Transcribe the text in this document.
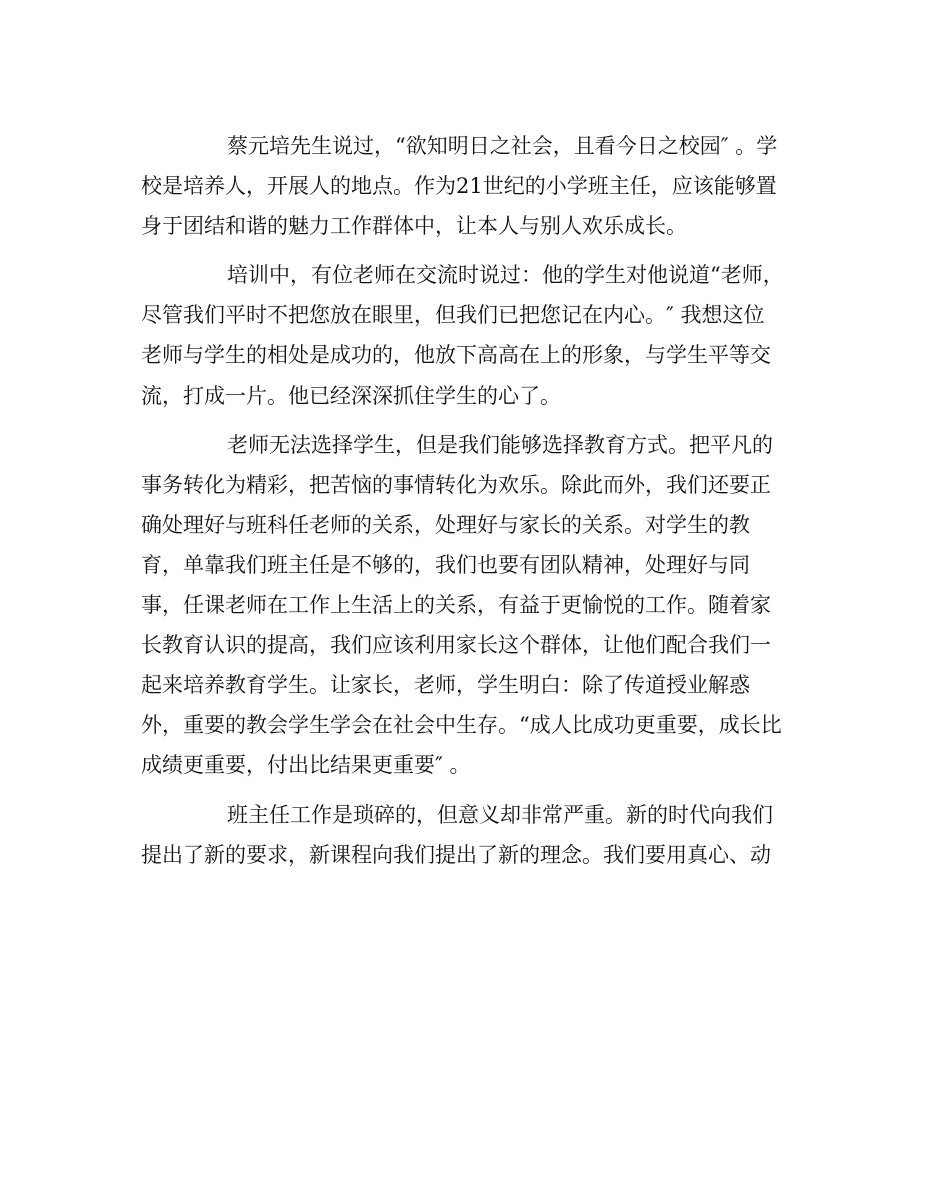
蔡元培先生说过，“欲知明日之社会，且看今日之校园″ 。学
校是培养人，开展人的地点。作为21世纪的小学班主任，应该能够置
身于团结和谐的魅力工作群体中，让本人与别人欢乐成长。
培训中，有位老师在交流时说过：他的学生对他说道“老师，
尽管我们平时不把您放在眼里，但我们已把您记在内心。″ 我想这位
老师与学生的相处是成功的，他放下高高在上的形象，与学生平等交
流，打成一片。他已经深深抓住学生的心了。
老师无法选择学生，但是我们能够选择教育方式。把平凡的
事务转化为精彩，把苦恼的事情转化为欢乐。除此而外，我们还要正
确处理好与班科任老师的关系，处理好与家长的关系。对学生的教
育，单靠我们班主任是不够的，我们也要有团队精神，处理好与同
事，任课老师在工作上生活上的关系，有益于更愉悦的工作。随着家
长教育认识的提高，我们应该利用家长这个群体，让他们配合我们一
起来培养教育学生。让家长，老师，学生明白：除了传道授业解惑
外，重要的教会学生学会在社会中生存。“成人比成功更重要，成长比
成绩更重要，付出比结果更重要″ 。
班主任工作是琐碎的，但意义却非常严重。新的时代向我们
提出了新的要求，新课程向我们提出了新的理念。我们要用真心、动
